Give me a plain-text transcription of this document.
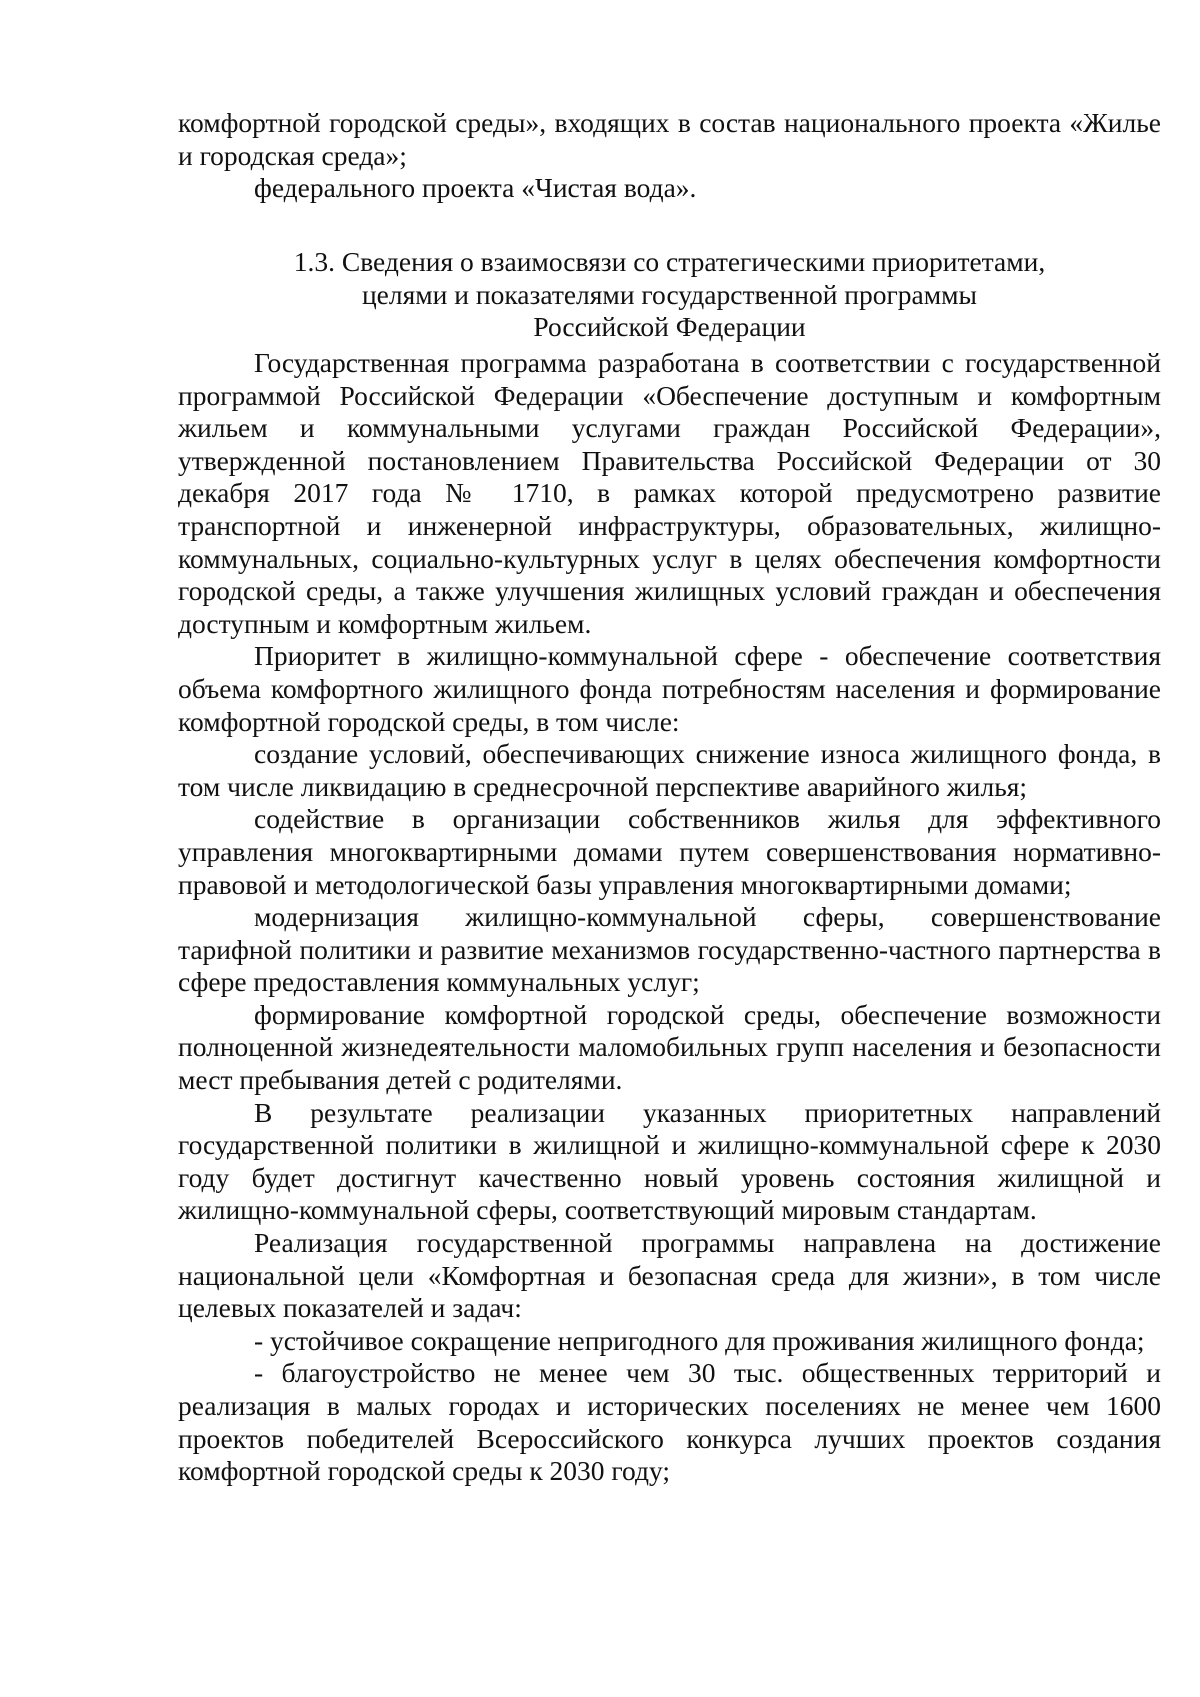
комфортной городской среды», входящих в состав национального проекта «Жилье и городская среда»;

федерального проекта «Чистая вода».

1.3. Сведения о взаимосвязи со стратегическими приоритетами,
целями и показателями государственной программы
Российской Федерации

Государственная программа разработана в соответствии с государственной программой Российской Федерации «Обеспечение доступным и комфортным жильем и коммунальными услугами граждан Российской Федерации», утвержденной постановлением Правительства Российской Федерации от 30 декабря 2017 года № 1710, в рамках которой предусмотрено развитие транспортной и инженерной инфраструктуры, образовательных, жилищно-коммунальных, социально-культурных услуг в целях обеспечения комфортности городской среды, а также улучшения жилищных условий граждан и обеспечения доступным и комфортным жильем.

Приоритет в жилищно-коммунальной сфере - обеспечение соответствия объема комфортного жилищного фонда потребностям населения и формирование комфортной городской среды, в том числе:

создание условий, обеспечивающих снижение износа жилищного фонда, в том числе ликвидацию в среднесрочной перспективе аварийного жилья;

содействие в организации собственников жилья для эффективного управления многоквартирными домами путем совершенствования нормативно-правовой и методологической базы управления многоквартирными домами;

модернизация жилищно-коммунальной сферы, совершенствование тарифной политики и развитие механизмов государственно-частного партнерства в сфере предоставления коммунальных услуг;

формирование комфортной городской среды, обеспечение возможности полноценной жизнедеятельности маломобильных групп населения и безопасности мест пребывания детей с родителями.

В результате реализации указанных приоритетных направлений государственной политики в жилищной и жилищно-коммунальной сфере к 2030 году будет достигнут качественно новый уровень состояния жилищной и жилищно-коммунальной сферы, соответствующий мировым стандартам.

Реализация государственной программы направлена на достижение национальной цели «Комфортная и безопасная среда для жизни», в том числе целевых показателей и задач:

- устойчивое сокращение непригодного для проживания жилищного фонда;

- благоустройство не менее чем 30 тыс. общественных территорий и реализация в малых городах и исторических поселениях не менее чем 1600 проектов победителей Всероссийского конкурса лучших проектов создания комфортной городской среды к 2030 году;
